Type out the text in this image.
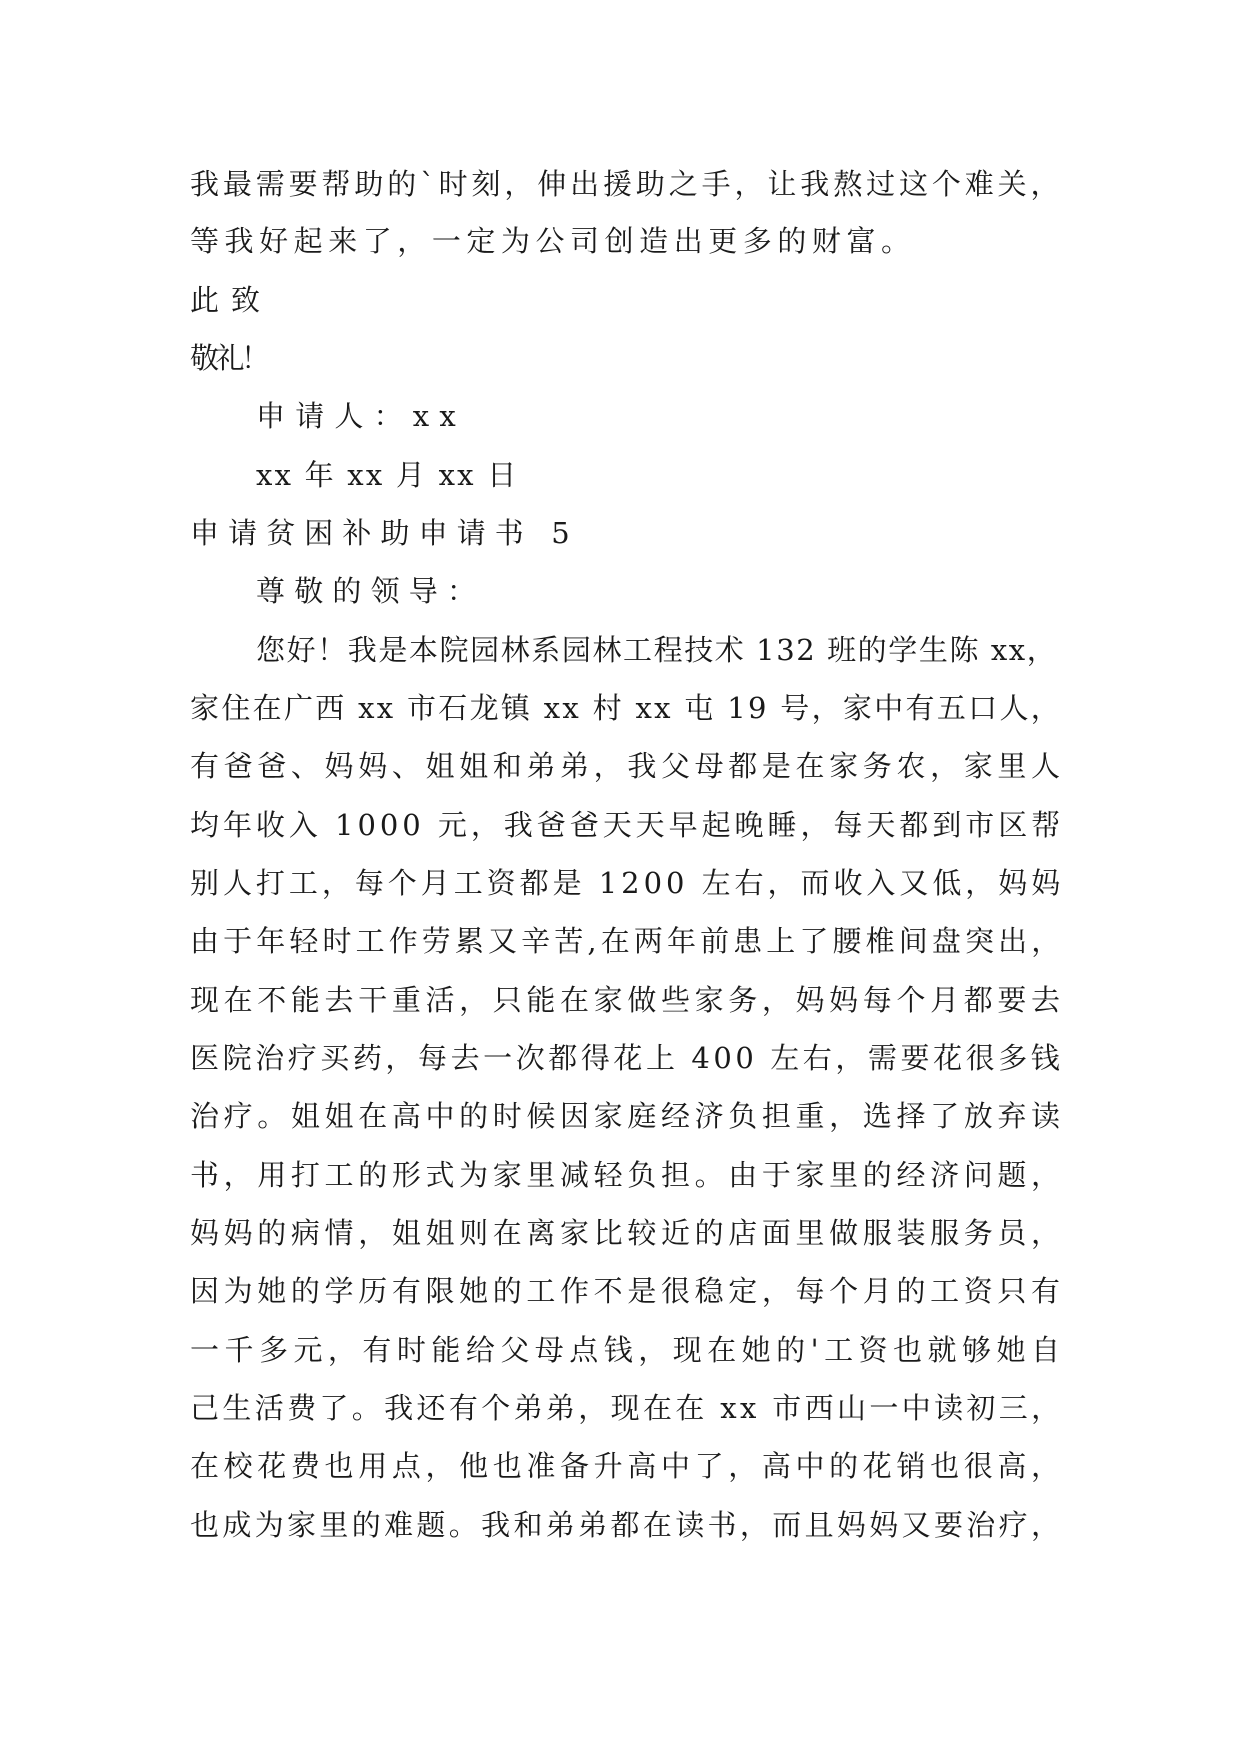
我最需要帮助的`时刻，伸出援助之手，让我熬过这个难关，
等我好起来了，一定为公司创造出更多的财富。
此致
敬礼！
申请人：xx
xx 年 xx 月 xx 日
申请贫困补助申请书 5
尊敬的领导：
您好！我是本院园林系园林工程技术 132 班的学生陈 xx，
家住在广西 xx 市石龙镇 xx 村 xx 屯 19 号，家中有五口人，
有爸爸、妈妈、姐姐和弟弟，我父母都是在家务农，家里人
均年收入 1000 元，我爸爸天天早起晚睡，每天都到市区帮
别人打工，每个月工资都是 1200 左右，而收入又低，妈妈
由于年轻时工作劳累又辛苦,在两年前患上了腰椎间盘突出，
现在不能去干重活，只能在家做些家务，妈妈每个月都要去
医院治疗买药，每去一次都得花上 400 左右，需要花很多钱
治疗。姐姐在高中的时候因家庭经济负担重，选择了放弃读
书，用打工的形式为家里减轻负担。由于家里的经济问题，
妈妈的病情，姐姐则在离家比较近的店面里做服装服务员，
因为她的学历有限她的工作不是很稳定，每个月的工资只有
一千多元，有时能给父母点钱，现在她的'工资也就够她自
己生活费了。我还有个弟弟，现在在 xx 市西山一中读初三，
在校花费也用点，他也准备升高中了，高中的花销也很高，
也成为家里的难题。我和弟弟都在读书，而且妈妈又要治疗，
